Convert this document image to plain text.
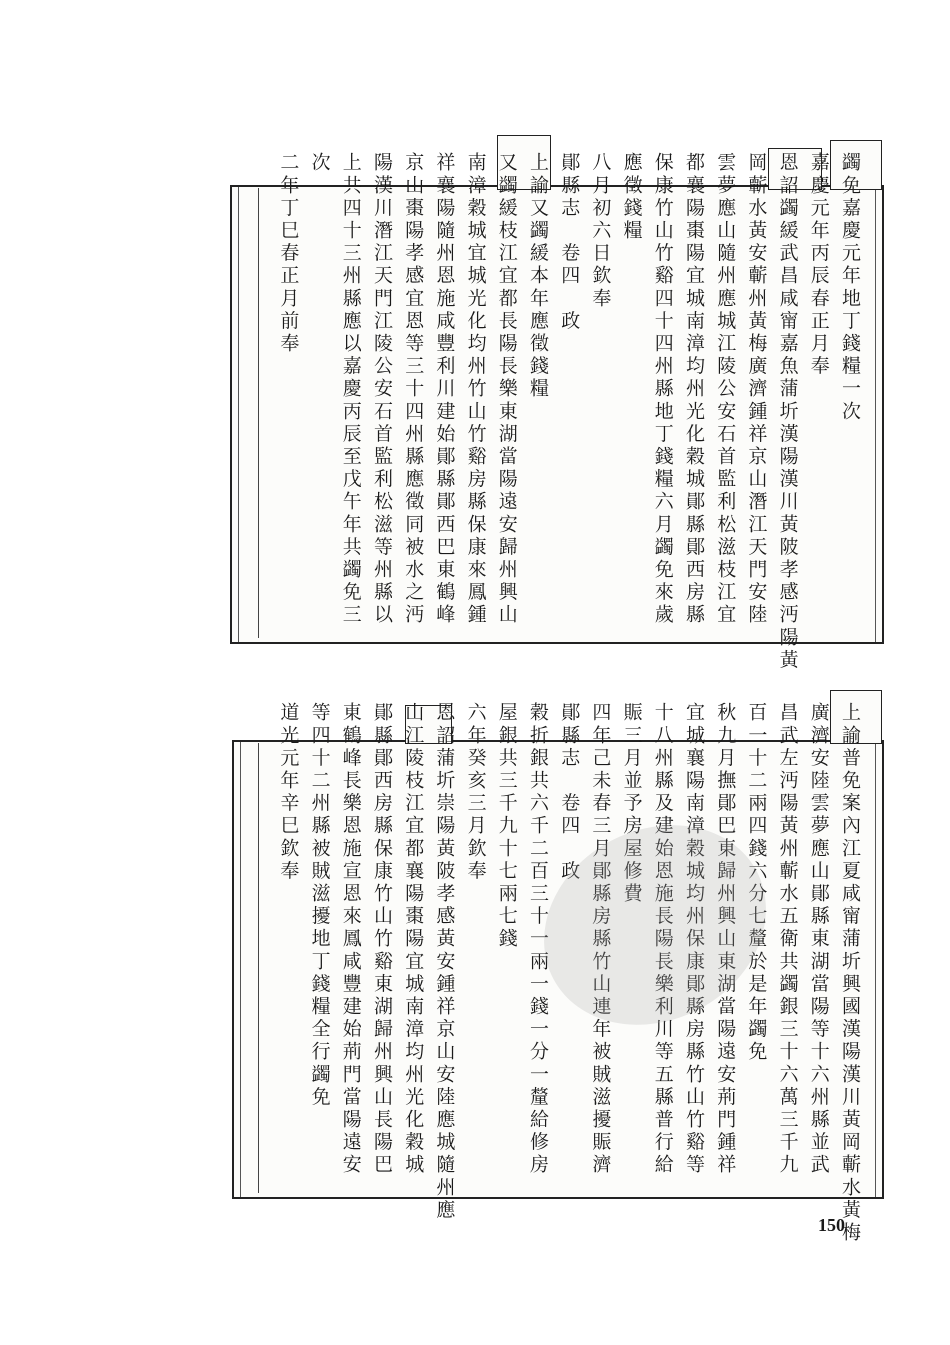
蠲免嘉慶元年地丁錢糧一次
嘉慶元年丙辰春正月奉
恩詔蠲緩武昌咸甯嘉魚蒲圻漢陽漢川黃陂孝感沔陽黃
岡蘄水黃安蘄州黃梅廣濟鍾祥京山潛江天門安陸
雲夢應山隨州應城江陵公安石首監利松滋枝江宜
都襄陽棗陽宜城南漳均州光化穀城鄖縣鄖西房縣
保康竹山竹谿四十四州縣地丁錢糧六月蠲免來歲
應徵錢糧
八月初六日欽奉
鄖縣志　卷四　政
上諭又蠲緩本年應徵錢糧
又蠲緩枝江宜都長陽長樂東湖當陽遠安歸州興山
南漳穀城宜城光化均州竹山竹谿房縣保康來鳳鍾
祥襄陽隨州恩施咸豐利川建始鄖縣鄖西巴東鶴峰
京山棗陽孝感宜恩等三十四州縣應徵同被水之沔
陽漢川潛江天門江陵公安石首監利松滋等州縣以
上共四十三州縣應以嘉慶丙辰至戊午年共蠲免三
次
二年丁巳春正月前奉
上諭普免案內江夏咸甯蒲圻興國漢陽漢川黃岡蘄水黃梅
廣濟安陸雲夢應山鄖縣東湖當陽等十六州縣並武
昌武左沔陽黃州蘄水五衛共蠲銀三十六萬三千九
百一十二兩四錢六分七釐於是年蠲免
秋九月撫鄖巴東歸州興山東湖當陽遠安荊門鍾祥
宜城襄陽南漳穀城均州保康鄖縣房縣竹山竹谿等
十八州縣及建始恩施長陽長樂利川等五縣普行給
賑三月並予房屋修費
四年己未春三月鄖縣房縣竹山連年被賊滋擾賑濟
鄖縣志　卷四　政
穀折銀共六千二百三十一兩一錢一分一釐給修房
屋銀共三千九十七兩七錢
六年癸亥三月欽奉
恩詔蒲圻崇陽黃陂孝感黃安鍾祥京山安陸應城隨州應
山江陵枝江宜都襄陽棗陽宜城南漳均州光化穀城
鄖縣鄖西房縣保康竹山竹谿東湖歸州興山長陽巴
東鶴峰長樂恩施宣恩來鳳咸豐建始荊門當陽遠安
等四十二州縣被賊滋擾地丁錢糧全行蠲免
道光元年辛巳欽奉
150
